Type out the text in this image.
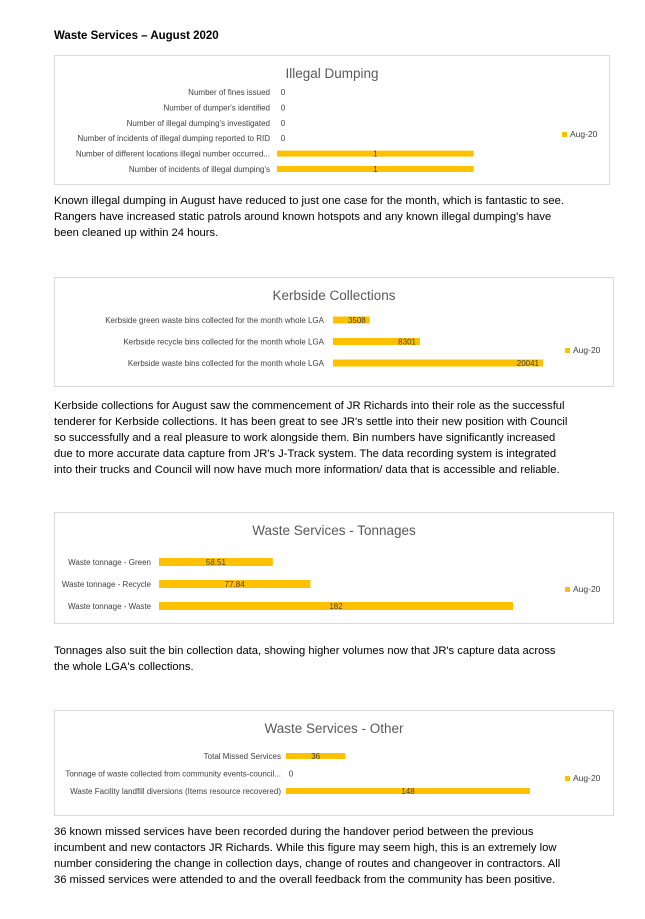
Waste Services – August 2020
Illegal Dumping
Number of fines issued 0
Number of dumper's identified 0
Number of illegal dumping's investigated 0
Number of incidents of illegal dumping reported to RID 0
Number of different locations illegal number occurred...	1
Number of incidents of illegal dumping's	1
Aug-20

Known illegal dumping in August have reduced to just one case for the month, which is fantastic to see.
Rangers have increased static patrols around known hotspots and any known illegal dumping's have
been cleaned up within 24 hours.

Kerbside Collections
Kerbside green waste bins collected for the month whole LGA	3508
Kerbside recycle bins collected for the month whole LGA	8301
Kerbside waste bins collected for the month whole LGA	20041
Aug-20

Kerbside collections for August saw the commencement of JR Richards into their role as the successful
tenderer for Kerbside collections. It has been great to see JR's settle into their new position with Council
so successfully and a real pleasure to work alongside them. Bin numbers have significantly increased
due to more accurate data capture from JR's J-Track system. The data recording system is integrated
into their trucks and Council will now have much more information/ data that is accessible and reliable.

Waste Services - Tonnages
Waste tonnage - Green	58.51
Waste tonnage - Recycle	77.84
Waste tonnage - Waste	182
Aug-20

Tonnages also suit the bin collection data, showing higher volumes now that JR's capture data across
the whole LGA's collections.

Waste Services - Other
Total Missed Services	36
Tonnage of waste collected from community events-council... 0
Waste Facility landfill diversions (Items resource recovered)	148
Aug-20

36 known missed services have been recorded during the handover period between the previous
incumbent and new contactors JR Richards. While this figure may seem high, this is an extremely low
number considering the change in collection days, change of routes and changeover in contractors. All
36 missed services were attended to and the overall feedback from the community has been positive.
